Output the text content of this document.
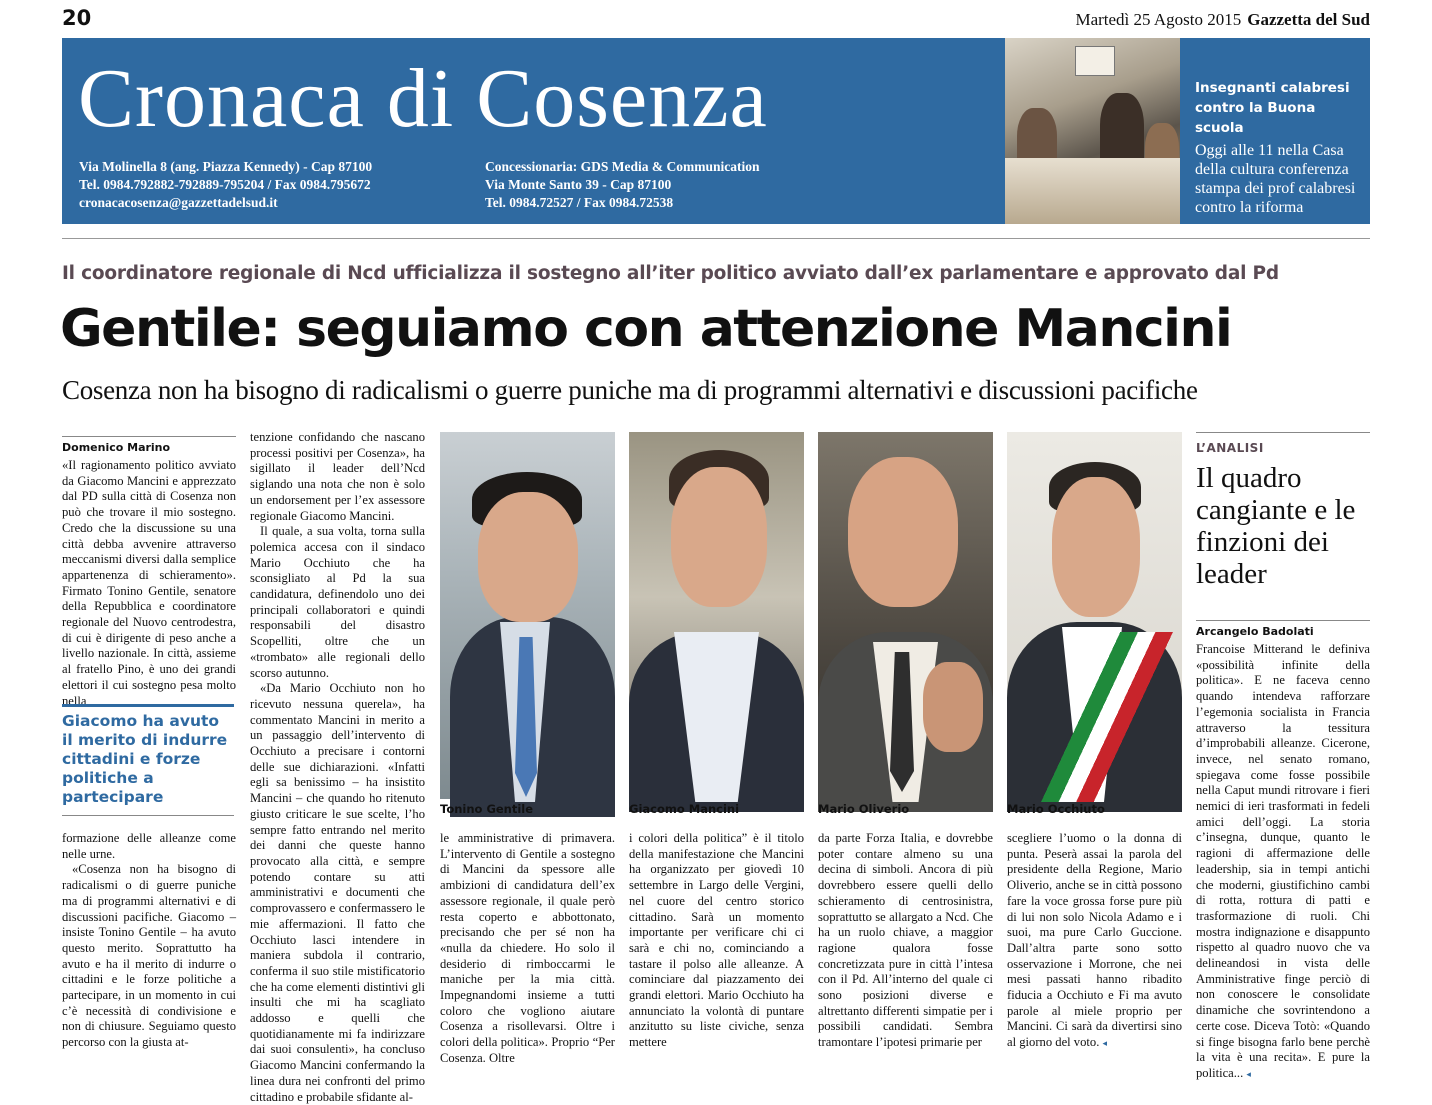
20	Martedì 25 Agosto 2015 Gazzetta del Sud
Cronaca di Cosenza
Via Molinella 8 (ang. Piazza Kennedy) - Cap 87100
Tel. 0984.792882-792889-795204 / Fax 0984.795672
cronacacosenza@gazzettadelsud.it
Concessionaria: GDS Media & Communication
Via Monte Santo 39 - Cap 87100
Tel. 0984.72527 / Fax 0984.72538
Insegnanti calabresi contro la Buona scuola
Oggi alle 11 nella Casa della cultura conferenza stampa dei prof calabresi contro la riforma
Il coordinatore regionale di Ncd ufficializza il sostegno all’iter politico avviato dall’ex parlamentare e approvato dal Pd
Gentile: seguiamo con attenzione Mancini
Cosenza non ha bisogno di radicalismi o guerre puniche ma di programmi alternativi e discussioni pacifiche
Domenico Marino

«Il ragionamento politico avviato da Giacomo Mancini e apprezzato dal PD sulla città di Cosenza non può che trovare il mio sostegno. Credo che la discussione su una città debba avvenire attraverso meccanismi diversi dalla semplice appartenenza di schieramento». Firmato Tonino Gentile, senatore della Repubblica e coordinatore regionale del Nuovo centrodestra, di cui è dirigente di peso anche a livello nazionale. In città, assieme al fratello Pino, è uno dei grandi elettori il cui sostegno pesa molto nella

Giacomo ha avuto il merito di indurre cittadini e forze politiche a partecipare

formazione delle alleanze come nelle urne.

«Cosenza non ha bisogno di radicalismi o di guerre puniche ma di programmi alternativi e di discussioni pacifiche. Giacomo – insiste Tonino Gentile – ha avuto questo merito. Soprattutto ha avuto e ha il merito di indurre o cittadini e le forze politiche a partecipare, in un momento in cui c’è necessità di condivisione e non di chiusure. Seguiamo questo percorso con la giusta at-

tenzione confidando che nascano processi positivi per Cosenza», ha sigillato il leader dell’Ncd siglando una nota che non è solo un endorsement per l’ex assessore regionale Giacomo Mancini.

Il quale, a sua volta, torna sulla polemica accesa con il sindaco Mario Occhiuto che ha sconsigliato al Pd la sua candidatura, definendolo uno dei principali collaboratori e quindi responsabili del disastro Scopelliti, oltre che un «trombato» alle regionali dello scorso autunno.

«Da Mario Occhiuto non ho ricevuto nessuna querela», ha commentato Mancini in merito a un passaggio dell’intervento di Occhiuto a precisare i contorni delle sue dichiarazioni. «Infatti egli sa benissimo – ha insistito Mancini – che quando ho ritenuto giusto criticare le sue scelte, l’ho sempre fatto entrando nel merito dei danni che queste hanno provocato alla città, e sempre potendo contare su atti amministrativi e documenti che comprovassero e confermassero le mie affermazioni. Il fatto che Occhiuto lasci intendere in maniera subdola il contrario, conferma il suo stile mistificatorio che ha come elementi distintivi gli insulti che mi ha scagliato addosso e quelli che quotidianamente mi fa indirizzare dai suoi consulenti», ha concluso Giacomo Mancini confermando la linea dura nei confronti del primo cittadino e probabile sfidante al-

Tonino Gentile	Giacomo Mancini	Mario Oliverio	Mario Occhiuto

le amministrative di primavera. L’intervento di Gentile a sostegno di Mancini da spessore alle ambizioni di candidatura dell’ex assessore regionale, il quale però resta coperto e abbottonato, precisando che per sé non ha «nulla da chiedere. Ho solo il desiderio di rimboccarmi le maniche per la mia città. Impegnandomi insieme a tutti coloro che vogliono aiutare Cosenza a risollevarsi. Oltre i colori della politica». Proprio “Per Cosenza. Oltre

i colori della politica” è il titolo della manifestazione che Mancini ha organizzato per giovedì 10 settembre in Largo delle Vergini, nel cuore del centro storico cittadino. Sarà un momento importante per verificare chi ci sarà e chi no, cominciando a tastare il polso alle alleanze. A cominciare dal piazzamento dei grandi elettori. Mario Occhiuto ha annunciato la volontà di puntare anzitutto su liste civiche, senza mettere

da parte Forza Italia, e dovrebbe poter contare almeno su una decina di simboli. Ancora di più dovrebbero essere quelli dello schieramento di centrosinistra, soprattutto se allargato a Ncd. Che ha un ruolo chiave, a maggior ragione qualora fosse concretizzata pure in città l’intesa con il Pd. All’interno del quale ci sono posizioni diverse e altrettanto differenti simpatie per i possibili candidati. Sembra tramontare l’ipotesi primarie per

scegliere l’uomo o la donna di punta. Peserà assai la parola del presidente della Regione, Mario Oliverio, anche se in città possono fare la voce grossa forse pure più di lui non solo Nicola Adamo e i suoi, ma pure Carlo Guccione. Dall’altra parte sono sotto osservazione i Morrone, che nei mesi passati hanno ribadito fiducia a Occhiuto e Fi ma avuto parole al miele proprio per Mancini. Ci sarà da divertirsi sino al giorno del voto. ◂

L’ANALISI
Il quadro cangiante e le finzioni dei leader
Arcangelo Badolati

Francoise Mitterand le definiva «possibilità infinite della politica». E ne faceva cenno quando intendeva rafforzare l’egemonia socialista in Francia attraverso la tessitura d’improbabili alleanze. Cicerone, invece, nel senato romano, spiegava come fosse possibile nella Caput mundi ritrovare i fieri nemici di ieri trasformati in fedeli amici dell’oggi. La storia c’insegna, dunque, quanto le ragioni di affermazione delle leadership, sia in tempi antichi che moderni, giustifichino cambi di rotta, rottura di patti e trasformazione di ruoli. Chi mostra indignazione e disappunto rispetto al quadro nuovo che va delineandosi in vista delle Amministrative finge perciò di non conoscere le consolidate dinamiche che sovrintendono a certe cose. Diceva Totò: «Quando si finge bisogna farlo bene perchè la vita è una recita». E pure la politica... ◂
